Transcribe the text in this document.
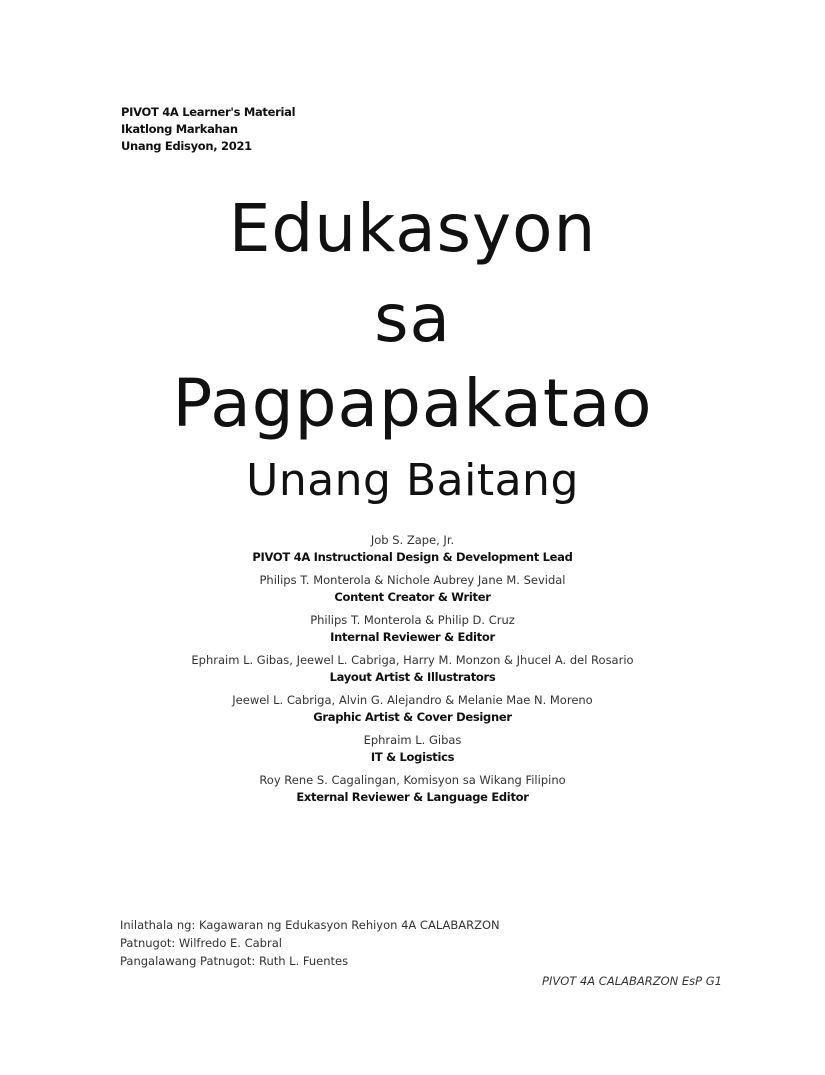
PIVOT 4A Learner's Material
Ikatlong Markahan
Unang Edisyon, 2021
Edukasyon
sa
Pagpapakatao
Unang Baitang
Job S. Zape, Jr.
PIVOT 4A Instructional Design & Development Lead
Philips T. Monterola & Nichole Aubrey Jane M. Sevidal
Content Creator & Writer
Philips T. Monterola & Philip D. Cruz
Internal Reviewer & Editor
Ephraim L. Gibas, Jeewel L. Cabriga, Harry M. Monzon & Jhucel A. del Rosario
Layout Artist & Illustrators
Jeewel L. Cabriga, Alvin G. Alejandro & Melanie Mae N. Moreno
Graphic Artist & Cover Designer
Ephraim L. Gibas
IT & Logistics
Roy Rene S. Cagalingan, Komisyon sa Wikang Filipino
External Reviewer & Language Editor
Inilathala ng: Kagawaran ng Edukasyon Rehiyon 4A CALABARZON
Patnugot: Wilfredo E. Cabral
Pangalawang Patnugot: Ruth L. Fuentes
PIVOT 4A CALABARZON EsP G1
